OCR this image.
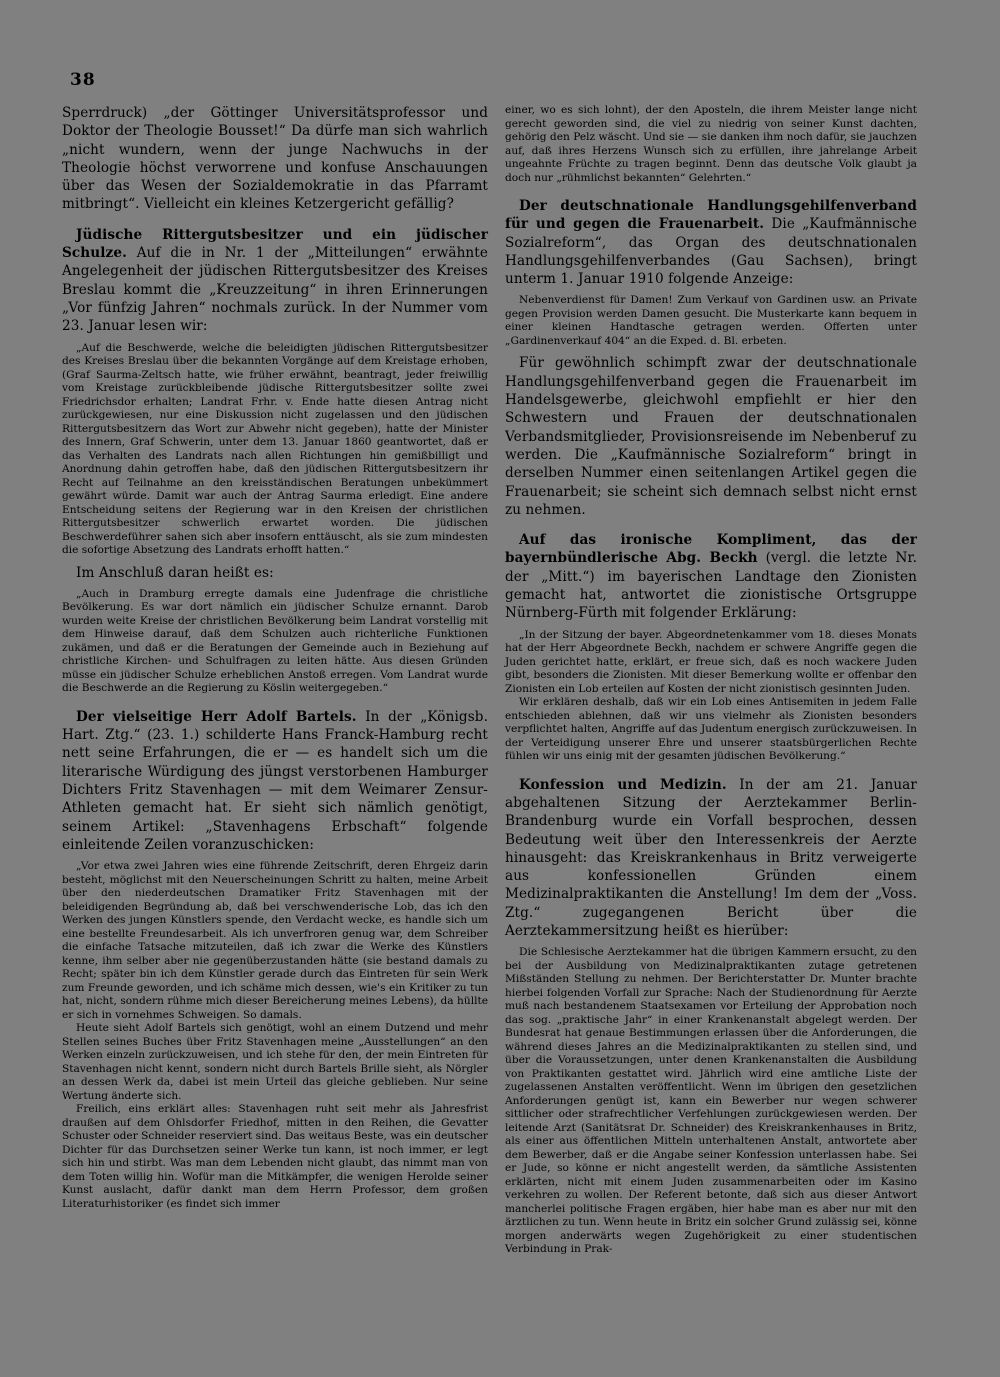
38

Sperrdruck) „der Göttinger Universitätsprofessor und Doktor der Theologie Bousset!“ Da dürfe man sich wahrlich „nicht wundern, wenn der junge Nachwuchs in der Theologie höchst verworrene und konfuse Anschauungen über das Wesen der Sozialdemokratie in das Pfarramt mitbringt“. Vielleicht ein kleines Ketzergericht gefällig?

Jüdische Rittergutsbesitzer und ein jüdischer Schulze. Auf die in Nr. 1 der „Mitteilungen“ erwähnte Angelegenheit der jüdischen Rittergutsbesitzer des Kreises Breslau kommt die „Kreuzzeitung“ in ihren Erinnerungen „Vor fünfzig Jahren“ nochmals zurück. In der Nummer vom 23. Januar lesen wir:

„Auf die Beschwerde, welche die beleidigten jüdischen Rittergutsbesitzer des Kreises Breslau über die bekannten Vorgänge auf dem Kreistage erhoben, (Graf Saurma-Zeltsch hatte, wie früher erwähnt, beantragt, jeder freiwillig vom Kreistage zurückbleibende jüdische Rittergutsbesitzer sollte zwei Friedrichsdor erhalten; Landrat Frhr. v. Ende hatte diesen Antrag nicht zurückgewiesen, nur eine Diskussion nicht zugelassen und den jüdischen Rittergutsbesitzern das Wort zur Abwehr nicht gegeben), hatte der Minister des Innern, Graf Schwerin, unter dem 13. Januar 1860 geantwortet, daß er das Verhalten des Landrats nach allen Richtungen hin gemißbilligt und Anordnung dahin getroffen habe, daß den jüdischen Rittergutsbesitzern ihr Recht auf Teilnahme an den kreisständischen Beratungen unbekümmert gewährt würde. Damit war auch der Antrag Saurma erledigt. Eine andere Entscheidung seitens der Regierung war in den Kreisen der christlichen Rittergutsbesitzer schwerlich erwartet worden. Die jüdischen Beschwerdeführer sahen sich aber insofern enttäuscht, als sie zum mindesten die sofortige Absetzung des Landrats erhofft hatten.“

Im Anschluß daran heißt es:

„Auch in Dramburg erregte damals eine Judenfrage die christliche Bevölkerung. Es war dort nämlich ein jüdischer Schulze ernannt. Darob wurden weite Kreise der christlichen Bevölkerung beim Landrat vorstellig mit dem Hinweise darauf, daß dem Schulzen auch richterliche Funktionen zukämen, und daß er die Beratungen der Gemeinde auch in Beziehung auf christliche Kirchen- und Schulfragen zu leiten hätte. Aus diesen Gründen müsse ein jüdischer Schulze erheblichen Anstoß erregen. Vom Landrat wurde die Beschwerde an die Regierung zu Köslin weitergegeben.“

Der vielseitige Herr Adolf Bartels. In der „Königsb. Hart. Ztg.“ (23. 1.) schilderte Hans Franck-Hamburg recht nett seine Erfahrungen, die er — es handelt sich um die literarische Würdigung des jüngst verstorbenen Hamburger Dichters Fritz Stavenhagen — mit dem Weimarer Zensur-Athleten gemacht hat. Er sieht sich nämlich genötigt, seinem Artikel: „Stavenhagens Erbschaft“ folgende einleitende Zeilen voranzuschicken:

„Vor etwa zwei Jahren wies eine führende Zeitschrift, deren Ehrgeiz darin besteht, möglichst mit den Neuerscheinungen Schritt zu halten, meine Arbeit über den niederdeutschen Dramatiker Fritz Stavenhagen mit der beleidigenden Begründung ab, daß bei verschwenderische Lob, das ich den Werken des jungen Künstlers spende, den Verdacht wecke, es handle sich um eine bestellte Freundesarbeit. Als ich unverfroren genug war, dem Schreiber die einfache Tatsache mitzuteilen, daß ich zwar die Werke des Künstlers kenne, ihm selber aber nie gegenüberzustanden hätte (sie bestand damals zu Recht; später bin ich dem Künstler gerade durch das Eintreten für sein Werk zum Freunde geworden, und ich schäme mich dessen, wie's ein Kritiker zu tun hat, nicht, sondern rühme mich dieser Bereicherung meines Lebens), da hüllte er sich in vornehmes Schweigen. So damals.

Heute sieht Adolf Bartels sich genötigt, wohl an einem Dutzend und mehr Stellen seines Buches über Fritz Stavenhagen meine „Ausstellungen“ an den Werken einzeln zurückzuweisen, und ich stehe für den, der mein Eintreten für Stavenhagen nicht kennt, sondern nicht durch Bartels Brille sieht, als Nörgler an dessen Werk da, dabei ist mein Urteil das gleiche geblieben. Nur seine Wertung änderte sich.

Freilich, eins erklärt alles: Stavenhagen ruht seit mehr als Jahresfrist draußen auf dem Ohlsdorfer Friedhof, mitten in den Reihen, die Gevatter Schuster oder Schneider reserviert sind. Das weitaus Beste, was ein deutscher Dichter für das Durchsetzen seiner Werke tun kann, ist noch immer, er legt sich hin und stirbt. Was man dem Lebenden nicht glaubt, das nimmt man von dem Toten willig hin. Wofür man die Mitkämpfer, die wenigen Herolde seiner Kunst auslacht, dafür dankt man dem Herrn Professor, dem großen Literaturhistoriker (es findet sich immer

einer, wo es sich lohnt), der den Aposteln, die ihrem Meister lange nicht gerecht geworden sind, die viel zu niedrig von seiner Kunst dachten, gehörig den Pelz wäscht. Und sie — sie danken ihm noch dafür, sie jauchzen auf, daß ihres Herzens Wunsch sich zu erfüllen, ihre jahrelange Arbeit ungeahnte Früchte zu tragen beginnt. Denn das deutsche Volk glaubt ja doch nur „rühmlichst bekannten“ Gelehrten.“

Der deutschnationale Handlungsgehilfenverband für und gegen die Frauenarbeit. Die „Kaufmännische Sozialreform“, das Organ des deutschnationalen Handlungsgehilfenverbandes (Gau Sachsen), bringt unterm 1. Januar 1910 folgende Anzeige:

Nebenverdienst für Damen! Zum Verkauf von Gardinen usw. an Private gegen Provision werden Damen gesucht. Die Musterkarte kann bequem in einer kleinen Handtasche getragen werden. Offerten unter „Gardinenverkauf 404“ an die Exped. d. Bl. erbeten.

Für gewöhnlich schimpft zwar der deutschnationale Handlungsgehilfenverband gegen die Frauenarbeit im Handelsgewerbe, gleichwohl empfiehlt er hier den Schwestern und Frauen der deutschnationalen Verbandsmitglieder, Provisionsreisende im Nebenberuf zu werden. Die „Kaufmännische Sozialreform“ bringt in derselben Nummer einen seitenlangen Artikel gegen die Frauenarbeit; sie scheint sich demnach selbst nicht ernst zu nehmen.

Auf das ironische Kompliment, das der bayernbündlerische Abg. Beckh (vergl. die letzte Nr. der „Mitt.“) im bayerischen Landtage den Zionisten gemacht hat, antwortet die zionistische Ortsgruppe Nürnberg-Fürth mit folgender Erklärung:

„In der Sitzung der bayer. Abgeordnetenkammer vom 18. dieses Monats hat der Herr Abgeordnete Beckh, nachdem er schwere Angriffe gegen die Juden gerichtet hatte, erklärt, er freue sich, daß es noch wackere Juden gibt, besonders die Zionisten. Mit dieser Bemerkung wollte er offenbar den Zionisten ein Lob erteilen auf Kosten der nicht zionistisch gesinnten Juden.

Wir erklären deshalb, daß wir ein Lob eines Antisemiten in jedem Falle entschieden ablehnen, daß wir uns vielmehr als Zionisten besonders verpflichtet halten, Angriffe auf das Judentum energisch zurückzuweisen. In der Verteidigung unserer Ehre und unserer staatsbürgerlichen Rechte fühlen wir uns einig mit der gesamten jüdischen Bevölkerung.“

Konfession und Medizin. In der am 21. Januar abgehaltenen Sitzung der Aerztekammer Berlin-Brandenburg wurde ein Vorfall besprochen, dessen Bedeutung weit über den Interessenkreis der Aerzte hinausgeht: das Kreiskrankenhaus in Britz verweigerte aus konfessionellen Gründen einem Medizinalpraktikanten die Anstellung! Im dem der „Voss. Ztg.“ zugegangenen Bericht über die Aerztekammersitzung heißt es hierüber:

Die Schlesische Aerztekammer hat die übrigen Kammern ersucht, zu den bei der Ausbildung von Medizinalpraktikanten zutage getretenen Mißständen Stellung zu nehmen. Der Berichterstatter Dr. Munter brachte hierbei folgenden Vorfall zur Sprache: Nach der Studienordnung für Aerzte muß nach bestandenem Staatsexamen vor Erteilung der Approbation noch das sog. „praktische Jahr“ in einer Krankenanstalt abgelegt werden. Der Bundesrat hat genaue Bestimmungen erlassen über die Anforderungen, die während dieses Jahres an die Medizinalpraktikanten zu stellen sind, und über die Voraussetzungen, unter denen Krankenanstalten die Ausbildung von Praktikanten gestattet wird. Jährlich wird eine amtliche Liste der zugelassenen Anstalten veröffentlicht. Wenn im übrigen den gesetzlichen Anforderungen genügt ist, kann ein Bewerber nur wegen schwerer sittlicher oder strafrechtlicher Verfehlungen zurückgewiesen werden. Der leitende Arzt (Sanitätsrat Dr. Schneider) des Kreiskrankenhauses in Britz, als einer aus öffentlichen Mitteln unterhaltenen Anstalt, antwortete aber dem Bewerber, daß er die Angabe seiner Konfession unterlassen habe. Sei er Jude, so könne er nicht angestellt werden, da sämtliche Assistenten erklärten, nicht mit einem Juden zusammenarbeiten oder im Kasino verkehren zu wollen. Der Referent betonte, daß sich aus dieser Antwort mancherlei politische Fragen ergäben, hier habe man es aber nur mit den ärztlichen zu tun. Wenn heute in Britz ein solcher Grund zulässig sei, könne morgen anderwärts wegen Zugehörigkeit zu einer studentischen Verbindung in Prak-
